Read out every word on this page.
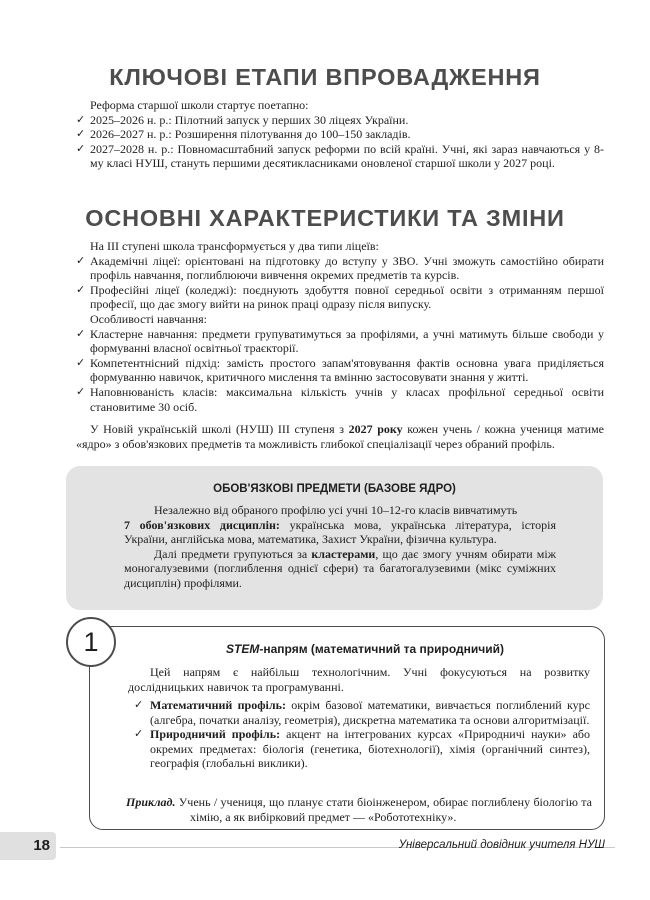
КЛЮЧОВІ ЕТАПИ ВПРОВАДЖЕННЯ
Реформа старшої школи стартує поетапно:
✓ 2025–2026 н. р.: Пілотний запуск у перших 30 ліцеях України.
✓ 2026–2027 н. р.: Розширення пілотування до 100–150 закладів.
✓ 2027–2028 н. р.: Повномасштабний запуск реформи по всій країні. Учні, які зараз навчаються у 8-му класі НУШ, стануть першими десятикласниками оновленої старшої школи у 2027 році.
ОСНОВНІ ХАРАКТЕРИСТИКИ ТА ЗМІНИ
На ІІІ ступені школа трансформується у два типи ліцеїв:
✓ Академічні ліцеї: орієнтовані на підготовку до вступу у ЗВО. Учні зможуть самостійно обирати профіль навчання, поглиблюючи вивчення окремих предметів та курсів.
✓ Професійні ліцеї (коледжі): поєднують здобуття повної середньої освіти з отриманням першої професії, що дає змогу вийти на ринок праці одразу після випуску.
Особливості навчання:
✓ Кластерне навчання: предмети групуватимуться за профілями, а учні матимуть більше свободи у формуванні власної освітньої траєкторії.
✓ Компетентнісний підхід: замість простого запам'ятовування фактів основна увага приділяється формуванню навичок, критичного мислення та вмінню застосовувати знання у житті.
✓ Наповнюваність класів: максимальна кількість учнів у класах профільної середньої освіти становитиме 30 осіб.
У Новій українській школі (НУШ) ІІІ ступеня з 2027 року кожен учень / кожна учениця матиме «ядро» з обов'язкових предметів та можливість глибокої спеціалізації через обраний профіль.
ОБОВ'ЯЗКОВІ ПРЕДМЕТИ (БАЗОВЕ ЯДРО)
Незалежно від обраного профілю усі учні 10–12-го класів вивчатимуть
7 обов'язкових дисциплін: українська мова, українська література, історія України, англійська мова, математика, Захист України, фізична культура.
Далі предмети групуються за кластерами, що дає змогу учням обирати між моногалузевими (поглиблення однієї сфери) та багатогалузевими (мікс суміжних дисциплін) профілями.
1	STEM-напрям (математичний та природничий)
Цей напрям є найбільш технологічним. Учні фокусуються на розвитку дослідницьких навичок та програмуванні.
✓ Математичний профіль: окрім базової математики, вивчається поглиблений курс (алгебра, початки аналізу, геометрія), дискретна математика та основи алгоритмізації.
✓ Природничий профіль: акцент на інтегрованих курсах «Природничі науки» або окремих предметах: біологія (генетика, біотехнології), хімія (органічний синтез), географія (глобальні виклики).
Приклад. Учень / учениця, що планує стати біоінженером, обирає поглиблену біологію та хімію, а як вибірковий предмет — «Робототехніку».
18	Універсальний довідник учителя НУШ
